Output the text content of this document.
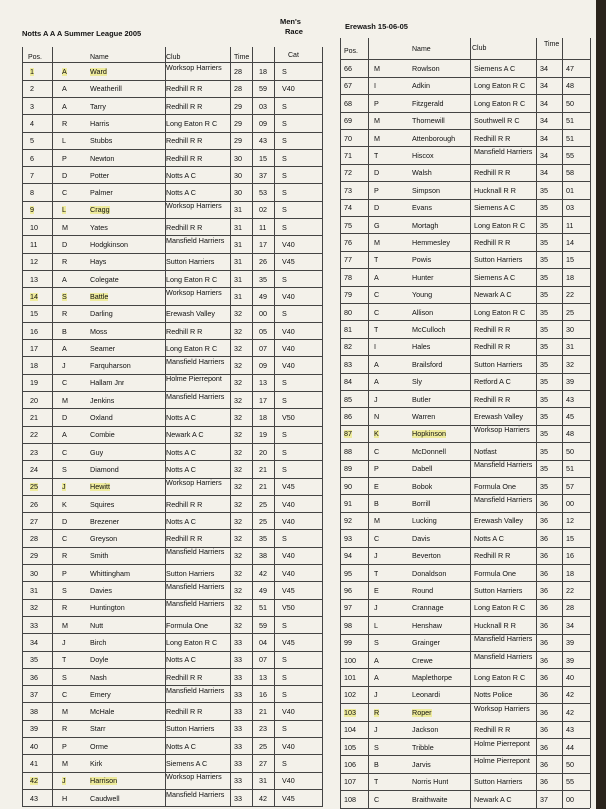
Notts A A A Summer League 2005
Men's
Race
Erewash 15-06-05
Pos.	Name	Club	Time	Cat
1	A	Ward	Worksop Harriers	28 18 S
2	A	Weatherill	Redhill R R	28 59 V40
3	A	Tarry	Redhill R R	29 03 S
4	R	Harris	Long Eaton R C	29 09 S
5	L	Stubbs	Redhill R R	29 43 S
6	P	Newton	Redhill R R	30 15 S
7	D	Potter	Notts A C	30 37 S
8	C	Palmer	Notts A C	30 53 S
9	L	Cragg	Worksop Harriers	31 02 S
10	M	Yates	Redhill R R	31 11 S
11	D	Hodgkinson	Mansfield Harriers	31 17 V40
12	R	Hays	Sutton Harriers	31 26 V45
13	A	Colegate	Long Eaton R C	31 35 S
14	S	Battle	Worksop Harriers	31 49 V40
15	R	Darling	Erewash Valley	32 00 S
16	B	Moss	Redhill R R	32 05 V40
17	A	Seamer	Long Eaton R C	32 07 V40
18	J	Farquharson	Mansfield Harriers	32 09 V40
19	C	Hallam Jnr	Holme Pierrepont	32 13 S
20	M	Jenkins	Mansfield Harriers	32 17 S
21	D	Oxland	Notts A C	32 18 V50
22	A	Combie	Newark A C	32 19 S
23	C	Guy	Notts A C	32 20 S
24	S	Diamond	Notts A C	32 21 S
25	J	Hewitt	Worksop Harriers	32 21 V45
26	K	Squires	Redhill R R	32 25 V40
27	D	Brezener	Notts A C	32 25 V40
28	C	Greyson	Redhill R R	32 35 S
29	R	Smith	Mansfield Harriers	32 38 V40
30	P	Whittingham	Sutton Harriers	32 42 V40
31	S	Davies	Mansfield Harriers	32 49 V45
32	R	Huntington	Mansfield Harriers	32 51 V50
33	M	Nutt	Formula One	32 59 S
34	J	Birch	Long Eaton R C	33 04 V45
35	T	Doyle	Notts A C	33 07 S
36	S	Nash	Redhill R R	33 13 S
37	C	Emery	Mansfield Harriers	33 16 S
38	M	McHale	Redhill R R	33 21 V40
39	R	Starr	Sutton Harriers	33 23 S
40	P	Orme	Notts A C	33 25 V40
41	M	Kirk	Siemens A C	33 27 S
42	J	Harrison	Worksop Harriers	33 31 V40
43	H	Caudwell	Mansfield Harriers	33 42 V45
Pos.	Name	Club
Time
66	M	Rowlson	Siemens A C	34	47
67	I	Adkin	Long Eaton R C	34	48
68	P	Fitzgerald	Long Eaton R C	34	50
69	M	Thornewill	Southwell R C	34	51
70	M	Attenborough	Redhill R R	34	51
71	T	Hiscox	Mansfield Harriers	34	55
72	D	Walsh	Redhill R R	34	58
73	P	Simpson	Hucknall R R	35	01
74	D	Evans	Siemens A C	35	03
75	G	Mortagh	Long Eaton R C	35	11
76	M	Hemmesley	Redhill R R	35	14
77	T	Powis	Sutton Harriers	35	15
78	A	Hunter	Siemens A C	35	18
79	C	Young	Newark A C	35	22
80	C	Allison	Long Eaton R C	35	25
81	T	McCulloch	Redhill R R	35	30
82	I	Hales	Redhill R R	35	31
83	A	Brailsford	Sutton Harriers	35	32
84	A	Sly	Retford A C	35	39
85	J	Butler	Redhill R R	35	43
86	N	Warren	Erewash Valley	35	45
87	K	Hopkinson	Worksop Harriers	35	48
88	C	McDonnell	Notfast	35	50
89	P	Dabell	Mansfield Harriers	35	51
90	E	Bobok	Formula One	35	57
91	B	Borrill	Mansfield Harriers	36	00
92	M	Lucking	Erewash Valley	36	12
93	C	Davis	Notts A C	36	15
94	J	Beverton	Redhill R R	36	16
95	T	Donaldson	Formula One	36	18
96	E	Round	Sutton Harriers	36	22
97	J	Crannage	Long Eaton R C	36	28
98	L	Henshaw	Hucknall R R	36	34
99	S	Grainger	Mansfield Harriers	36	39
100	A	Crewe	Mansfield Harriers	36	39
101	A	Maplethorpe	Long Eaton R C	36	40
102	J	Leonardi	Notts Police	36	42
103	R	Roper	Worksop Harriers	36	42
104	J	Jackson	Redhill R R	36	43
105	S	Tribble	Holme Pierrepont	36	44
106	B	Jarvis	Holme Pierrepont	36	50
107	T	Norris Hunt	Sutton Harriers	36	55
108	C	Braithwaite	Newark A C	37	00
